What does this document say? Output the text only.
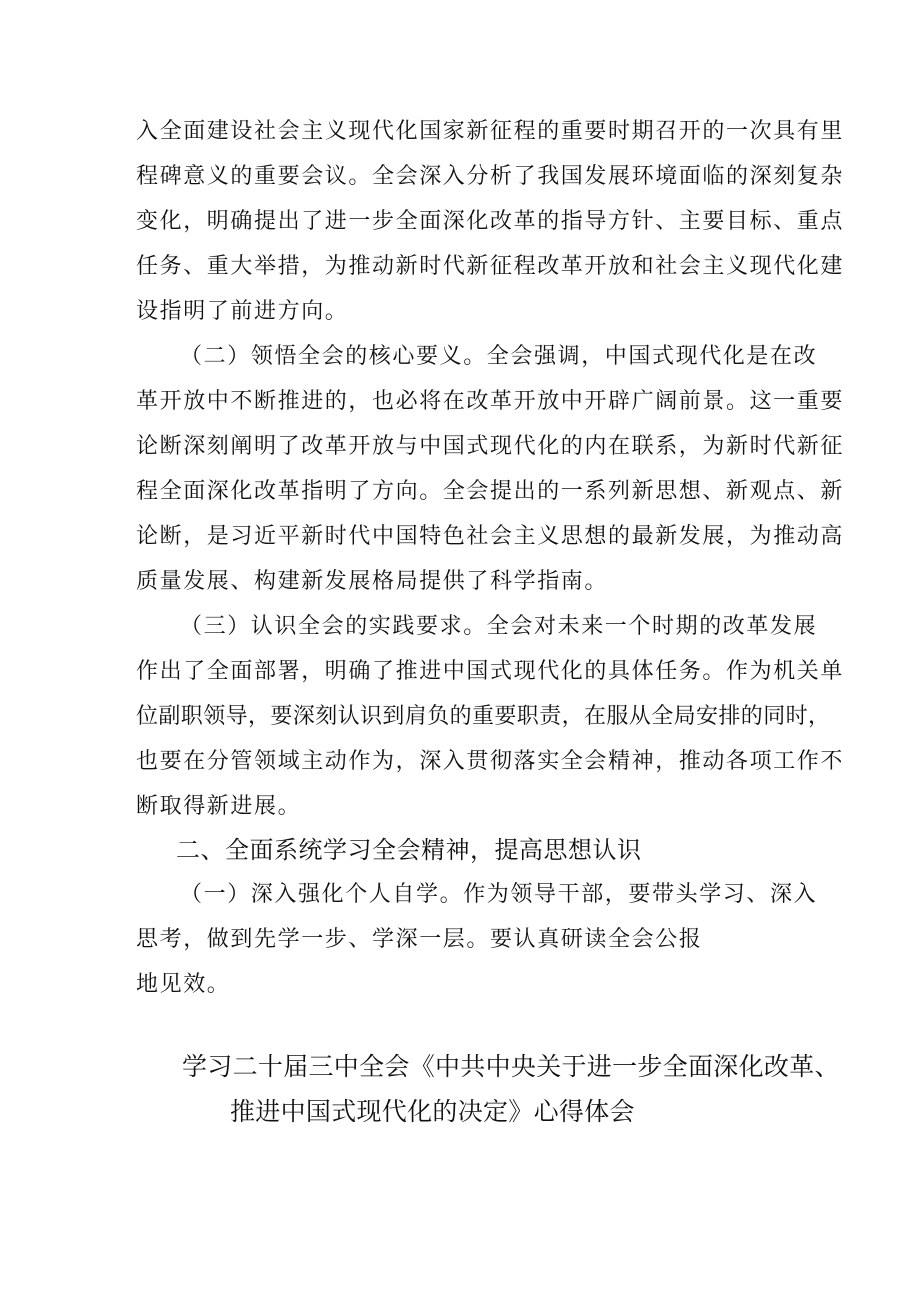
入全面建设社会主义现代化国家新征程的重要时期召开的一次具有里
程碑意义的重要会议。全会深入分析了我国发展环境面临的深刻复杂
变化，明确提出了进一步全面深化改革的指导方针、主要目标、重点
任务、重大举措，为推动新时代新征程改革开放和社会主义现代化建
设指明了前进方向。
（二）领悟全会的核心要义。全会强调，中国式现代化是在改
革开放中不断推进的，也必将在改革开放中开辟广阔前景。这一重要
论断深刻阐明了改革开放与中国式现代化的内在联系，为新时代新征
程全面深化改革指明了方向。全会提出的一系列新思想、新观点、新
论断，是习近平新时代中国特色社会主义思想的最新发展，为推动高
质量发展、构建新发展格局提供了科学指南。
（三）认识全会的实践要求。全会对未来一个时期的改革发展
作出了全面部署，明确了推进中国式现代化的具体任务。作为机关单
位副职领导，要深刻认识到肩负的重要职责，在服从全局安排的同时，
也要在分管领域主动作为，深入贯彻落实全会精神，推动各项工作不
断取得新进展。
二、全面系统学习全会精神，提高思想认识
（一）深入强化个人自学。作为领导干部，要带头学习、深入
思考，做到先学一步、学深一层。要认真研读全会公报
地见效。
学习二十届三中全会《中共中央关于进一步全面深化改革、
推进中国式现代化的决定》心得体会
